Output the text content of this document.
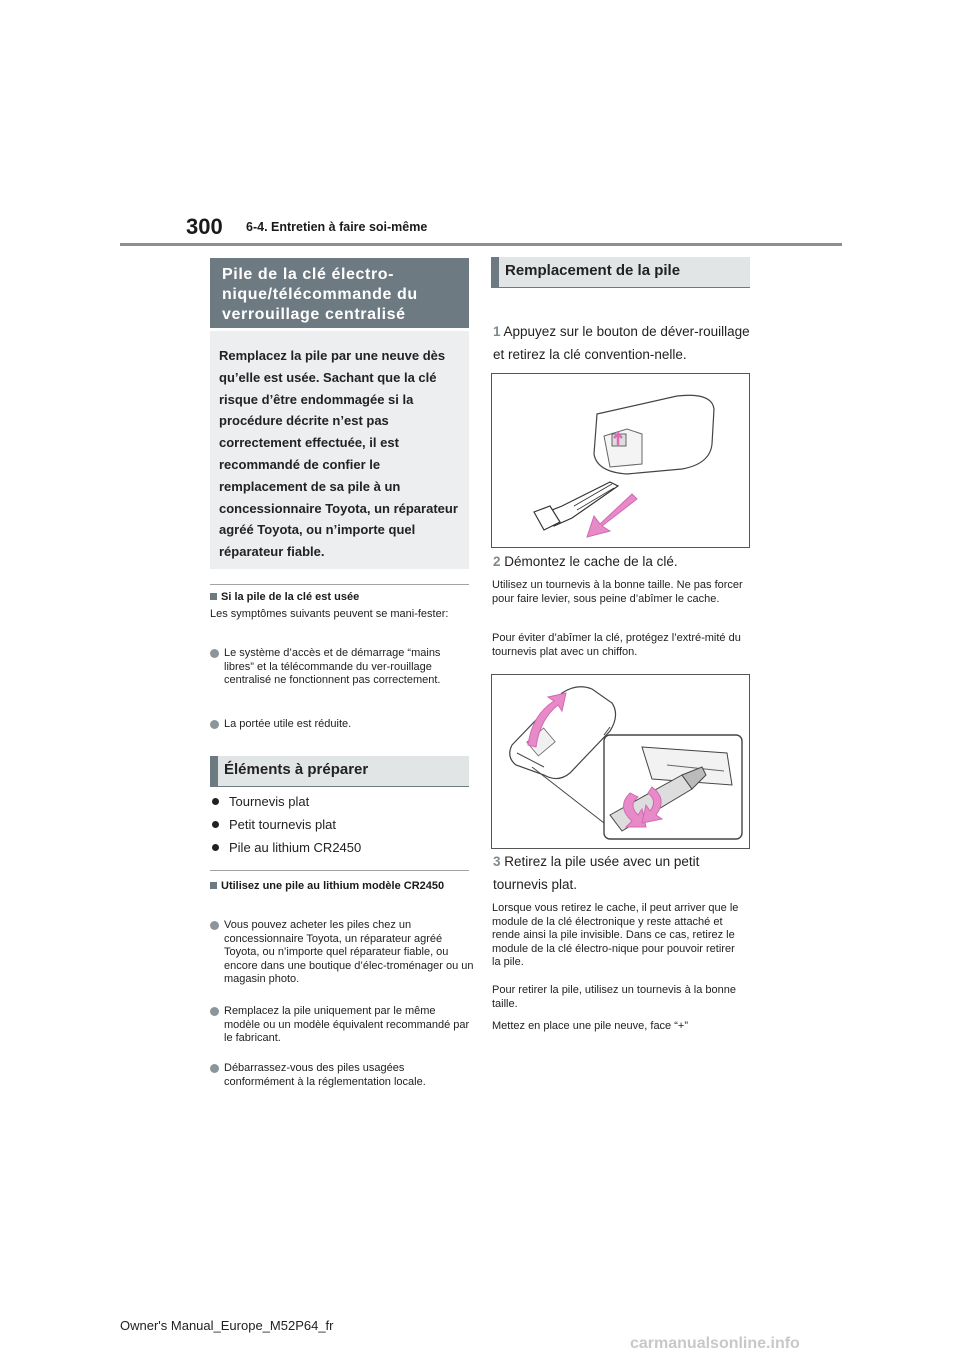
300 6-4. Entretien à faire soi-même
Pile de la clé électro-
nique/télécommande du
verrouillage centralisé
Remplacez la pile par une neuve dès qu’elle est usée. Sachant que la clé risque d’être endommagée si la procédure décrite n’est pas correctement effectuée, il est recommandé de confier le remplacement de sa pile à un concessionnaire Toyota, un réparateur agréé Toyota, ou n’importe quel réparateur fiable.
Si la pile de la clé est usée
Les symptômes suivants peuvent se mani-fester:
Le système d’accès et de démarrage “mains libres” et la télécommande du ver-rouillage centralisé ne fonctionnent pas correctement.
La portée utile est réduite.
Éléments à préparer
Tournevis plat
Petit tournevis plat
Pile au lithium CR2450
Utilisez une pile au lithium modèle CR2450
Vous pouvez acheter les piles chez un concessionnaire Toyota, un réparateur agréé Toyota, ou n’importe quel réparateur fiable, ou encore dans une boutique d’élec-troménager ou un magasin photo.
Remplacez la pile uniquement par le même modèle ou un modèle équivalent recommandé par le fabricant.
Débarrassez-vous des piles usagées conformément à la réglementation locale.
Remplacement de la pile
1 Appuyez sur le bouton de déver-rouillage et retirez la clé convention-nelle.
2 Démontez le cache de la clé.
Utilisez un tournevis à la bonne taille. Ne pas forcer pour faire levier, sous peine d’abîmer le cache.
Pour éviter d’abîmer la clé, protégez l’extré-mité du tournevis plat avec un chiffon.
3 Retirez la pile usée avec un petit tournevis plat.
Lorsque vous retirez le cache, il peut arriver que le module de la clé électronique y reste attaché et rende ainsi la pile invisible. Dans ce cas, retirez le module de la clé électro-nique pour pouvoir retirer la pile.
Pour retirer la pile, utilisez un tournevis à la bonne taille.
Mettez en place une pile neuve, face “+”
Owner's Manual_Europe_M52P64_fr
carmanualsonline.info
